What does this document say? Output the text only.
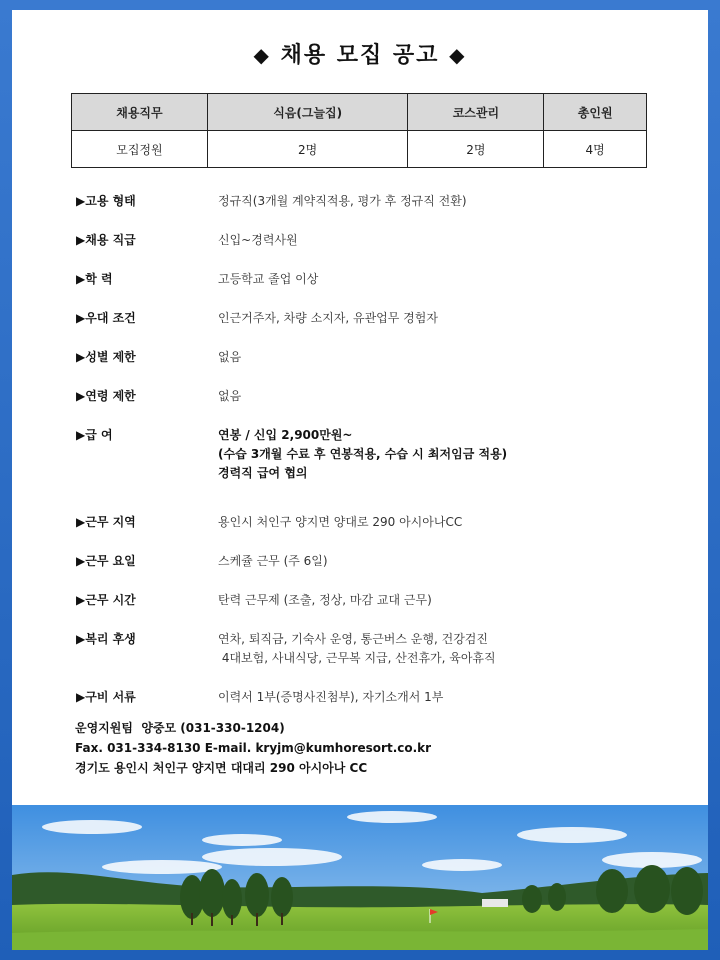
◆ 채용 모집 공고 ◆
채용직무	식음(그늘집)	코스관리	총인원
모집정원	2명	2명	4명
▶고용 형태	정규직(3개월 계약직적용, 평가 후 정규직 전환)
▶채용 직급	신입~경력사원
▶학 력	고등학교 졸업 이상
▶우대 조건	인근거주자, 차량 소지자, 유관업무 경험자
▶성별 제한	없음
▶연령 제한	없음
▶급 여	연봉 / 신입 2,900만원~
(수습 3개월 수료 후 연봉적용, 수습 시 최저임금 적용)
경력직 급여 협의
▶근무 지역	용인시 처인구 양지면 양대로 290 아시아나CC
▶근무 요일	스케쥴 근무 (주 6일)
▶근무 시간	탄력 근무제 (조출, 정상, 마감 교대 근무)
▶복리 후생	연차, 퇴직금, 기숙사 운영, 통근버스 운행, 건강검진
4대보험, 사내식당, 근무복 지급, 산전휴가, 육아휴직
▶구비 서류	이력서 1부(증명사진첨부), 자기소개서 1부
운영지원팀  양중모 (031-330-1204)
Fax. 031-334-8130 E-mail. kryjm@kumhoresort.co.kr
경기도 용인시 처인구 양지면 대대리 290 아시아나 CC
